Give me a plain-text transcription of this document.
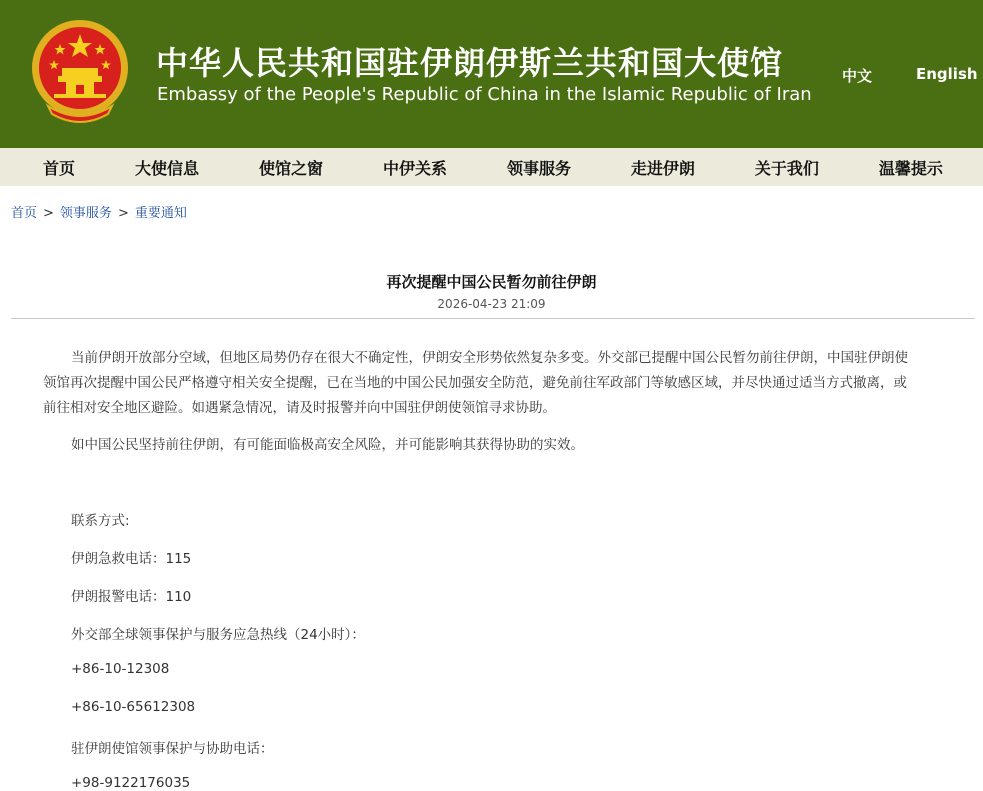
中华人民共和国驻伊朗伊斯兰共和国大使馆
Embassy of the People's Republic of China in the Islamic Republic of Iran
中文	English
首页	大使信息	使馆之窗	中伊关系	领事服务	走进伊朗	关于我们	温馨提示
首页 > 领事服务 > 重要通知
再次提醒中国公民暂勿前往伊朗
2026-04-23 21:09
当前伊朗开放部分空域，但地区局势仍存在很大不确定性，伊朗安全形势依然复杂多变。外交部已提醒中国公民暂勿前往伊朗，中国驻伊朗使
领馆再次提醒中国公民严格遵守相关安全提醒，已在当地的中国公民加强安全防范，避免前往军政部门等敏感区域，并尽快通过适当方式撤离，或
前往相对安全地区避险。如遇紧急情况，请及时报警并向中国驻伊朗使领馆寻求协助。
如中国公民坚持前往伊朗，有可能面临极高安全风险，并可能影响其获得协助的实效。
联系方式:
伊朗急救电话：115
伊朗报警电话：110
外交部全球领事保护与服务应急热线（24小时）：
+86-10-12308
+86-10-65612308
驻伊朗使馆领事保护与协助电话：
+98-9122176035
